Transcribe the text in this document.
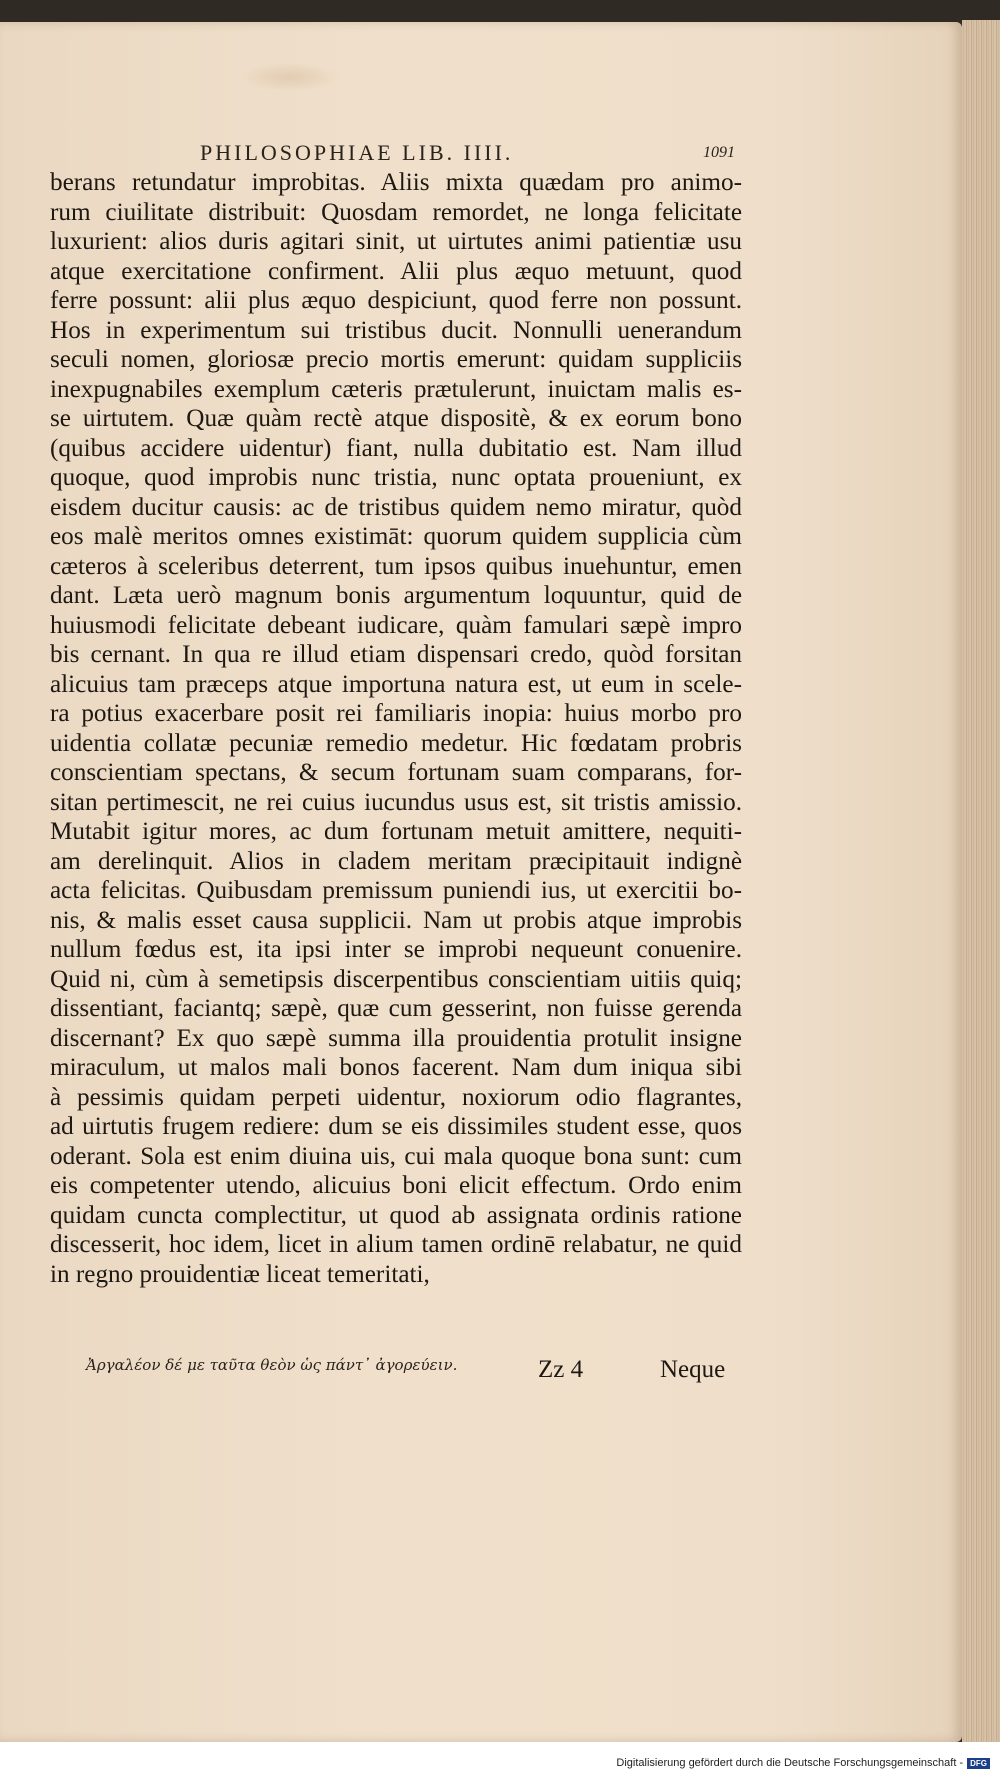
PHILOSOPHIAE LIB. IIII.	1091
berans retundatur improbitas. Aliis mixta quædam pro animo-
rum ciuilitate distribuit: Quosdam remordet, ne longa felicitate
luxurient: alios duris agitari sinit, ut uirtutes animi patientiæ usu
atque exercitatione confirment. Alii plus æquo metuunt, quod
ferre possunt: alii plus æquo despiciunt, quod ferre non possunt.
Hos in experimentum sui tristibus ducit. Nonnulli uenerandum
seculi nomen, gloriosæ precio mortis emerunt: quidam suppliciis
inexpugnabiles exemplum cæteris prætulerunt, inuictam malis es-
se uirtutem. Quæ quàm rectè atque dispositè, & ex eorum bono
(quibus accidere uidentur) fiant, nulla dubitatio est. Nam illud
quoque, quod improbis nunc tristia, nunc optata proueniunt, ex
eisdem ducitur causis: ac de tristibus quidem nemo miratur, quòd
eos malè meritos omnes existimāt: quorum quidem supplicia cùm
cæteros à sceleribus deterrent, tum ipsos quibus inuehuntur, emen
dant. Læta uerò magnum bonis argumentum loquuntur, quid de
huiusmodi felicitate debeant iudicare, quàm famulari sæpè impro
bis cernant. In qua re illud etiam dispensari credo, quòd forsitan
alicuius tam præceps atque importuna natura est, ut eum in scele-
ra potius exacerbare posit rei familiaris inopia: huius morbo pro
uidentia collatæ pecuniæ remedio medetur. Hic fœdatam probris
conscientiam spectans, & secum fortunam suam comparans, for-
sitan pertimescit, ne rei cuius iucundus usus est, sit tristis amissio.
Mutabit igitur mores, ac dum fortunam metuit amittere, nequiti-
am derelinquit. Alios in cladem meritam præcipitauit indignè
acta felicitas. Quibusdam premissum puniendi ius, ut exercitii bo-
nis, & malis esset causa supplicii. Nam ut probis atque improbis
nullum fœdus est, ita ipsi inter se improbi nequeunt conuenire.
Quid ni, cùm à semetipsis discerpentibus conscientiam uitiis quiq;
dissentiant, faciantq; sæpè, quæ cum gesserint, non fuisse gerenda
discernant? Ex quo sæpè summa illa prouidentia protulit insigne
miraculum, ut malos mali bonos facerent. Nam dum iniqua sibi
à pessimis quidam perpeti uidentur, noxiorum odio flagrantes,
ad uirtutis frugem rediere: dum se eis dissimiles student esse, quos
oderant. Sola est enim diuina uis, cui mala quoque bona sunt: cum
eis competenter utendo, alicuius boni elicit effectum. Ordo enim
quidam cuncta complectitur, ut quod ab assignata ordinis ratione
discesserit, hoc idem, licet in alium tamen ordinē relabatur, ne quid
in regno prouidentiæ liceat temeritati,
Ἀργαλέον δέ με ταῦτα θεὸν ὡς πάντ᾽ ἀγορεύειν.	Zz 4	Neque
Digitalisierung gefördert durch die Deutsche Forschungsgemeinschaft - DFG
